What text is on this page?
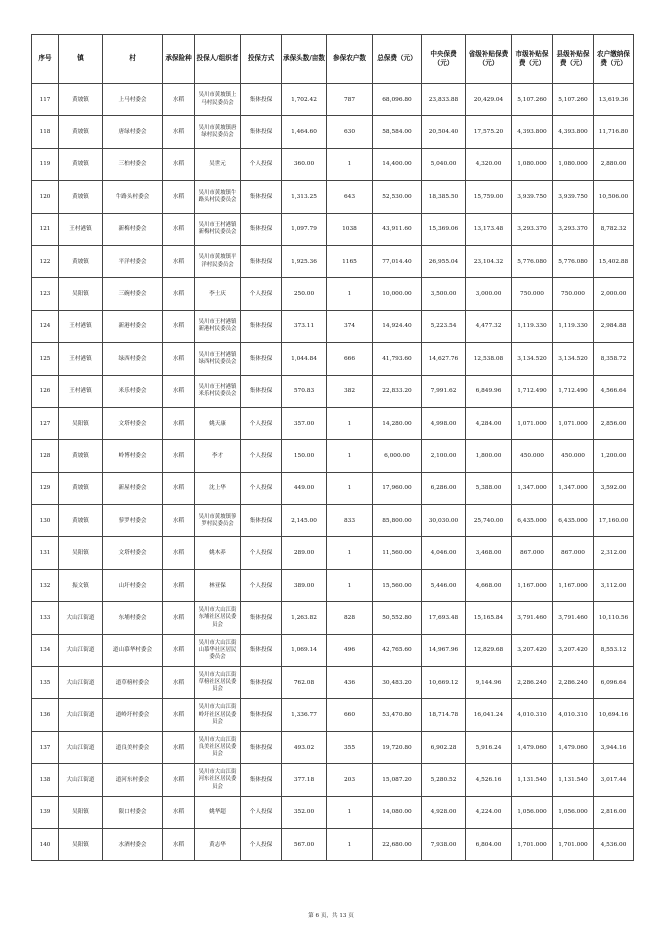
序号	镇	村	承保险种	投保人/组织者	投保方式	承保头数/亩数	参保农户数	总保费（元）	中央保费（元）	省级补贴保费（元）	市级补贴保费（元）	县级补贴保费（元）	农户缴纳保费（元）
117	黄坡镇	上马村委会	水稻	吴川市黄坡镇上马村民委员会	集体投保	1,702.42	787	68,096.80	23,833.88	20,429.04	5,107.260	5,107.260	13,619.36
118	黄坡镇	唐绿村委会	水稻	吴川市黄坡镇唐绿村民委员会	集体投保	1,464.60	630	58,584.00	20,504.40	17,575.20	4,393.800	4,393.800	11,716.80
119	黄坡镇	三柏村委会	水稻	吴世元	个人投保	360.00	1	14,400.00	5,040.00	4,320.00	1,080.000	1,080.000	2,880.00
120	黄坡镇	牛路头村委会	水稻	吴川市黄坡镇牛路头村民委员会	集体投保	1,313.25	643	52,530.00	18,385.50	15,759.00	3,939.750	3,939.750	10,506.00
121	王村港镇	新梅村委会	水稻	吴川市王村港镇新梅村民委员会	集体投保	1,097.79	1038	43,911.60	15,369.06	13,173.48	3,293.370	3,293.370	8,782.32
122	黄坡镇	平洋村委会	水稻	吴川市黄坡镇平洋村民委员会	集体投保	1,925.36	1165	77,014.40	26,955.04	23,104.32	5,776.080	5,776.080	15,402.88
123	吴阳镇	三碗村委会	水稻	李土庆	个人投保	250.00	1	10,000.00	3,500.00	3,000.00	750.000	750.000	2,000.00
124	王村港镇	新港村委会	水稻	吴川市王村港镇新港村民委员会	集体投保	373.11	374	14,924.40	5,223.54	4,477.32	1,119.330	1,119.330	2,984.88
125	王村港镇	绿西村委会	水稻	吴川市王村港镇绿西村民委员会	集体投保	1,044.84	666	41,793.60	14,627.76	12,538.08	3,134.520	3,134.520	8,358.72
126	王村港镇	米乐村委会	水稻	吴川市王村港镇米乐村民委员会	集体投保	570.83	382	22,833.20	7,991.62	6,849.96	1,712.490	1,712.490	4,566.64
127	吴阳镇	文塔村委会	水稻	姚天康	个人投保	357.00	1	14,280.00	4,998.00	4,284.00	1,071.000	1,071.000	2,856.00
128	黄坡镇	岭博村委会	水稻	李才	个人投保	150.00	1	6,000.00	2,100.00	1,800.00	450.000	450.000	1,200.00
129	黄坡镇	新屋村委会	水稻	沈上华	个人投保	449.00	1	17,960.00	6,286.00	5,388.00	1,347.000	1,347.000	3,592.00
130	黄坡镇	蓼罗村委会	水稻	吴川市黄坡镇蓼罗村民委员会	集体投保	2,145.00	833	85,800.00	30,030.00	25,740.00	6,435.000	6,435.000	17,160.00
131	吴阳镇	文塔村委会	水稻	姚木养	个人投保	289.00	1	11,560.00	4,046.00	3,468.00	867.000	867.000	2,312.00
132	振文镇	山圩村委会	水稻	林亚保	个人投保	389.00	1	15,560.00	5,446.00	4,668.00	1,167.000	1,167.000	3,112.00
133	大山江街道	东埔村委会	水稻	吴川市大山江街东埔社区居民委员会	集体投保	1,263.82	828	50,552.80	17,693.48	15,165.84	3,791.460	3,791.460	10,110.56
134	大山江街道	道山慕华村委会	水稻	吴川市大山江街山慕华社区居民委员会	集体投保	1,069.14	496	42,765.60	14,967.96	12,829.68	3,207.420	3,207.420	8,553.12
135	大山江街道	道草榜村委会	水稻	吴川市大山江街草榜社区居民委员会	集体投保	762.08	436	30,483.20	10,669.12	9,144.96	2,286.240	2,286.240	6,096.64
136	大山江街道	道岭圩村委会	水稻	吴川市大山江街岭圩社区居民委员会	集体投保	1,336.77	660	53,470.80	18,714.78	16,041.24	4,010.310	4,010.310	10,694.16
137	大山江街道	道良美村委会	水稻	吴川市大山江街良美社区居民委员会	集体投保	493.02	355	19,720.80	6,902.28	5,916.24	1,479.060	1,479.060	3,944.16
138	大山江街道	道河东村委会	水稻	吴川市大山江街河东社区居民委员会	集体投保	377.18	203	15,087.20	5,280.52	4,526.16	1,131.540	1,131.540	3,017.44
139	吴阳镇	限口村委会	水稻	姚华超	个人投保	352.00	1	14,080.00	4,928.00	4,224.00	1,056.000	1,056.000	2,816.00
140	吴阳镇	水酒村委会	水稻	黄志华	个人投保	567.00	1	22,680.00	7,938.00	6,804.00	1,701.000	1,701.000	4,536.00
第 6 页，共 13 页
